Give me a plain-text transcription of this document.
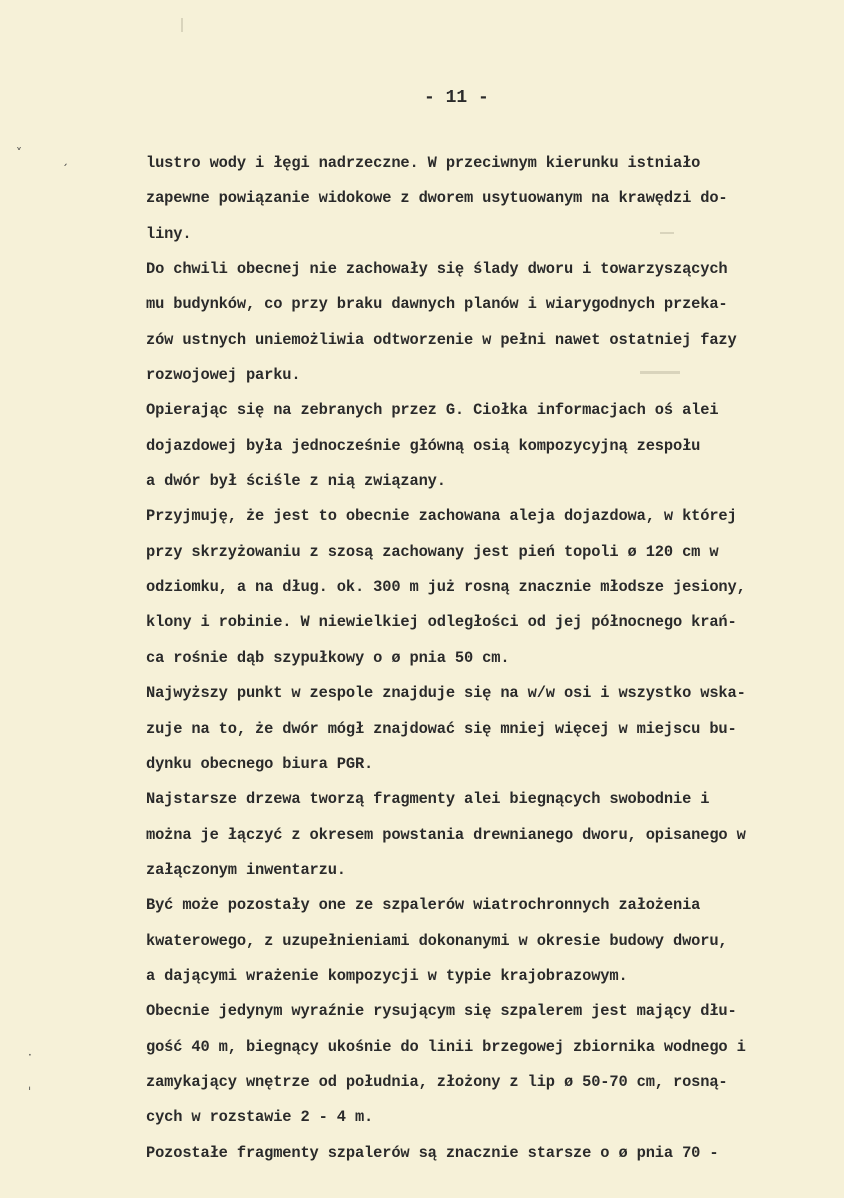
˅	ˏ
·
ˌ
- 11 -
lustro wody i łęgi nadrzeczne. W przeciwnym kierunku istniało
zapewne powiązanie widokowe z dworem usytuowanym na krawędzi do-
liny.
Do chwili obecnej nie zachowały się ślady dworu i towarzyszących
mu budynków, co przy braku dawnych planów i wiarygodnych przeka-
zów ustnych uniemożliwia odtworzenie w pełni nawet ostatniej fazy
rozwojowej parku.
Opierając się na zebranych przez G. Ciołka informacjach oś alei
dojazdowej była jednocześnie główną osią kompozycyjną zespołu
a dwór był ściśle z nią związany.
Przyjmuję, że jest to obecnie zachowana aleja dojazdowa, w której
przy skrzyżowaniu z szosą zachowany jest pień topoli ø 120 cm w
odziomku, a na dług. ok. 300 m już rosną znacznie młodsze jesiony,
klony i robinie. W niewielkiej odległości od jej północnego krań-
ca rośnie dąb szypułkowy o ø pnia 50 cm.
Najwyższy punkt w zespole znajduje się na w/w osi i wszystko wska-
zuje na to, że dwór mógł znajdować się mniej więcej w miejscu bu-
dynku obecnego biura PGR.
Najstarsze drzewa tworzą fragmenty alei biegnących swobodnie i
można je łączyć z okresem powstania drewnianego dworu, opisanego w
załączonym inwentarzu.
Być może pozostały one ze szpalerów wiatrochronnych założenia
kwaterowego, z uzupełnieniami dokonanymi w okresie budowy dworu,
a dającymi wrażenie kompozycji w typie krajobrazowym.
Obecnie jedynym wyraźnie rysującym się szpalerem jest mający dłu-
gość 40 m, biegnący ukośnie do linii brzegowej zbiornika wodnego i
zamykający wnętrze od południa, złożony z lip ø 50-70 cm, rosną-
cych w rozstawie 2 - 4 m.
Pozostałe fragmenty szpalerów są znacznie starsze o ø pnia 70 -
